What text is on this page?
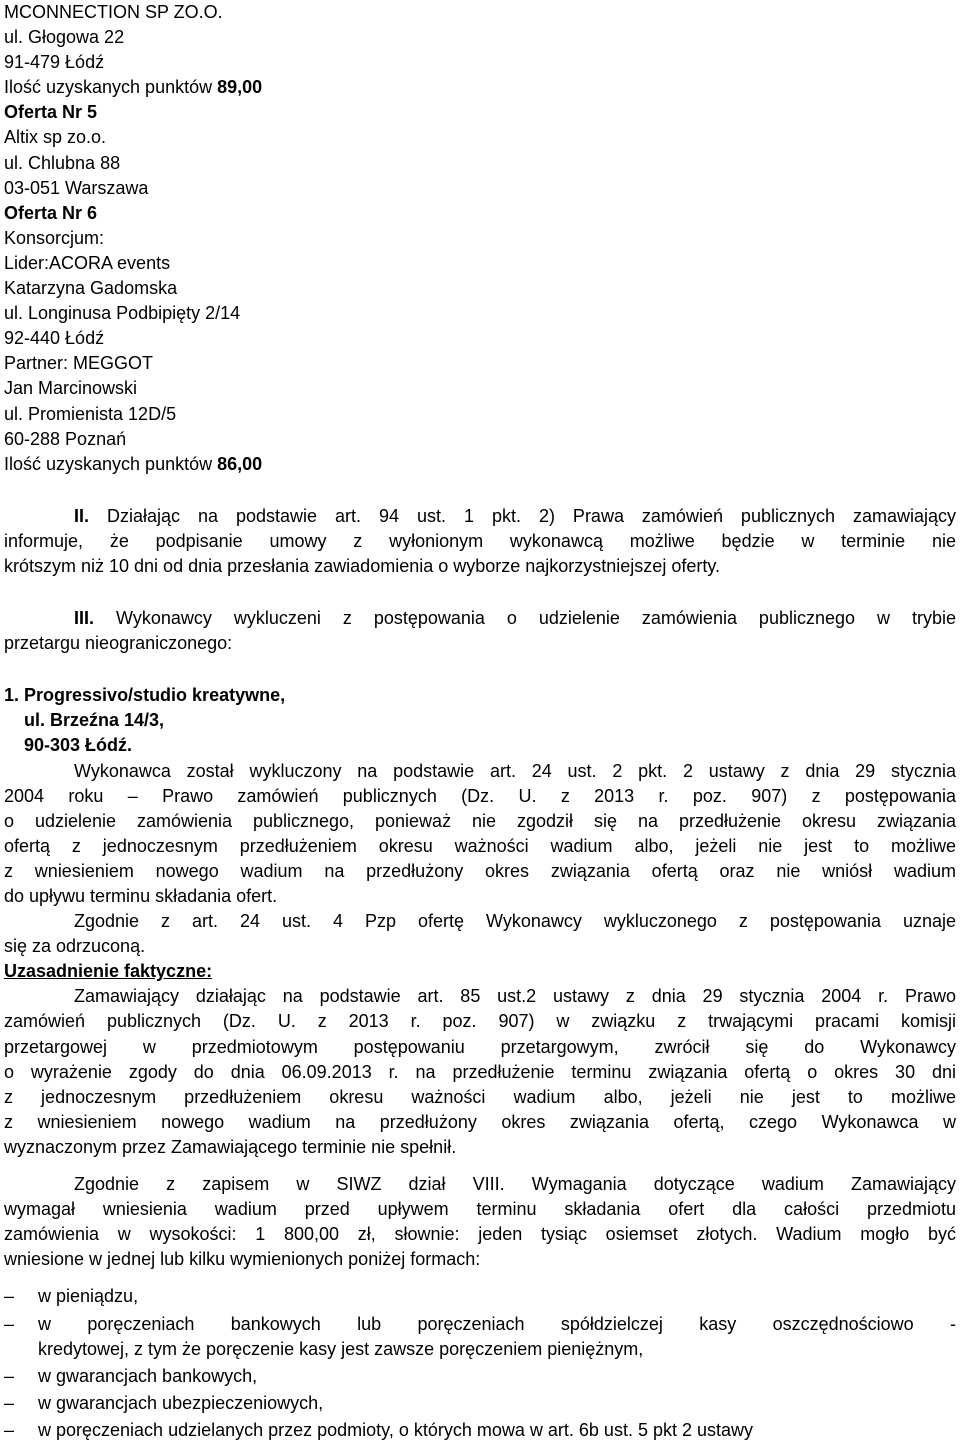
MCONNECTION SP ZO.O.
ul. Głogowa 22
91-479 Łódź
Ilość uzyskanych punktów 89,00
Oferta Nr 5
Altix sp zo.o.
ul. Chlubna 88
03-051 Warszawa
Oferta Nr 6
Konsorcjum:
Lider:ACORA events
Katarzyna Gadomska
ul. Longinusa Podbipięty 2/14
92-440 Łódź
Partner: MEGGOT
Jan Marcinowski
ul. Promienista 12D/5
60-288 Poznań
Ilość uzyskanych punktów 86,00
II. Działając na podstawie art. 94 ust. 1 pkt. 2) Prawa zamówień publicznych zamawiający
informuje, że podpisanie umowy z wyłonionym wykonawcą możliwe będzie w terminie nie
krótszym niż 10 dni od dnia przesłania zawiadomienia o wyborze najkorzystniejszej oferty.
III. Wykonawcy wykluczeni z postępowania o udzielenie zamówienia publicznego w trybie
przetargu nieograniczonego:
1. Progressivo/studio kreatywne,
ul. Brzeźna 14/3,
90-303 Łódź.
Wykonawca został wykluczony na podstawie art. 24 ust. 2 pkt. 2 ustawy z dnia 29 stycznia
2004 roku – Prawo zamówień publicznych (Dz. U. z 2013 r. poz. 907) z postępowania
o udzielenie zamówienia publicznego, ponieważ nie zgodził się na przedłużenie okresu związania
ofertą z jednoczesnym przedłużeniem okresu ważności wadium albo, jeżeli nie jest to możliwe
z wniesieniem nowego wadium na przedłużony okres związania ofertą oraz nie wniósł wadium
do upływu terminu składania ofert.
Zgodnie z art. 24 ust. 4 Pzp ofertę Wykonawcy wykluczonego z postępowania uznaje
się za odrzuconą.
Uzasadnienie faktyczne:
Zamawiający działając na podstawie art. 85 ust.2 ustawy z dnia 29 stycznia 2004 r. Prawo
zamówień publicznych (Dz. U. z 2013 r. poz. 907) w związku z trwającymi pracami komisji
przetargowej w przedmiotowym postępowaniu przetargowym, zwrócił się do Wykonawcy
o wyrażenie zgody do dnia 06.09.2013 r. na przedłużenie terminu związania ofertą o okres 30 dni
z jednoczesnym przedłużeniem okresu ważności wadium albo, jeżeli nie jest to możliwe
z wniesieniem nowego wadium na przedłużony okres związania ofertą, czego Wykonawca w
wyznaczonym przez Zamawiającego terminie nie spełnił.
Zgodnie z zapisem w SIWZ dział VIII. Wymagania dotyczące wadium Zamawiający
wymagał wniesienia wadium przed upływem terminu składania ofert dla całości przedmiotu
zamówienia w wysokości: 1 800,00 zł, słownie: jeden tysiąc osiemset złotych. Wadium mogło być
wniesione w jednej lub kilku wymienionych poniżej formach:
– w pieniądzu,
– w poręczeniach bankowych lub poręczeniach spółdzielczej kasy oszczędnościowo -
kredytowej, z tym że poręczenie kasy jest zawsze poręczeniem pieniężnym,
– w gwarancjach bankowych,
– w gwarancjach ubezpieczeniowych,
– w poręczeniach udzielanych przez podmioty, o których mowa w art. 6b ust. 5 pkt 2 ustawy
